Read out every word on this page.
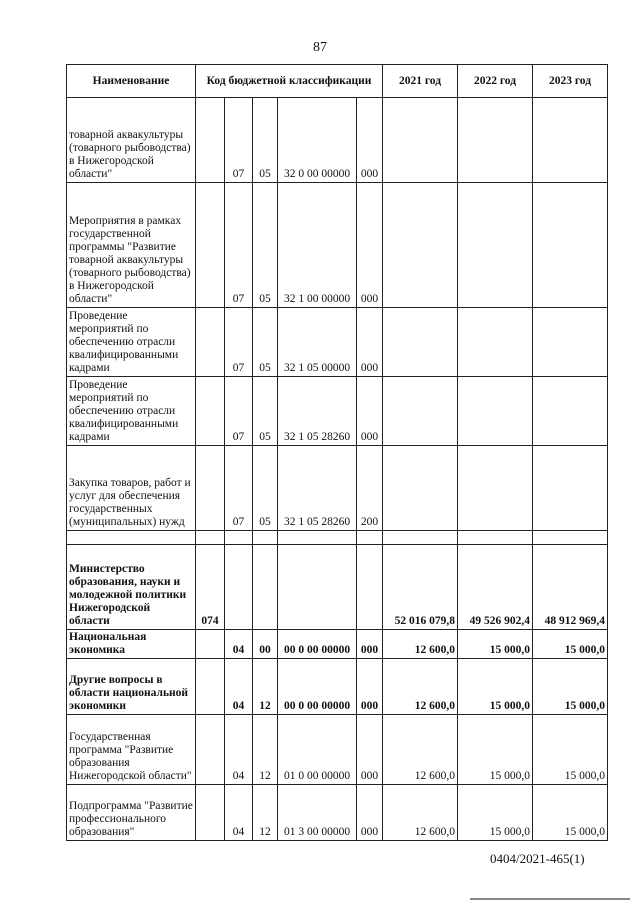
87
Наименование	Код бюджетной классификации					2021 год	2022 год	2023 год
товарной аквакультуры (товарного рыбоводства) в Нижегородской области"		07	05	32 0 00 00000	000			
Мероприятия в рамках государственной программы "Развитие товарной аквакультуры (товарного рыбоводства) в Нижегородской области"		07	05	32 1 00 00000	000			
Проведение мероприятий по обеспечению отрасли квалифицированными кадрами		07	05	32 1 05 00000	000			
Проведение мероприятий по обеспечению отрасли квалифицированными кадрами		07	05	32 1 05 28260	000			
Закупка товаров, работ и услуг для обеспечения государственных (муниципальных) нужд		07	05	32 1 05 28260	200			

Министерство образования, науки и молодежной политики Нижегородской области	074					52 016 079,8	49 526 902,4	48 912 969,4
Национальная экономика		04	00	00 0 00 00000	000	12 600,0	15 000,0	15 000,0
Другие вопросы в области национальной экономики		04	12	00 0 00 00000	000	12 600,0	15 000,0	15 000,0
Государственная программа "Развитие образования Нижегородской области"		04	12	01 0 00 00000	000	12 600,0	15 000,0	15 000,0
Подпрограмма "Развитие профессионального образования"		04	12	01 3 00 00000	000	12 600,0	15 000,0	15 000,0
0404/2021-465(1)
